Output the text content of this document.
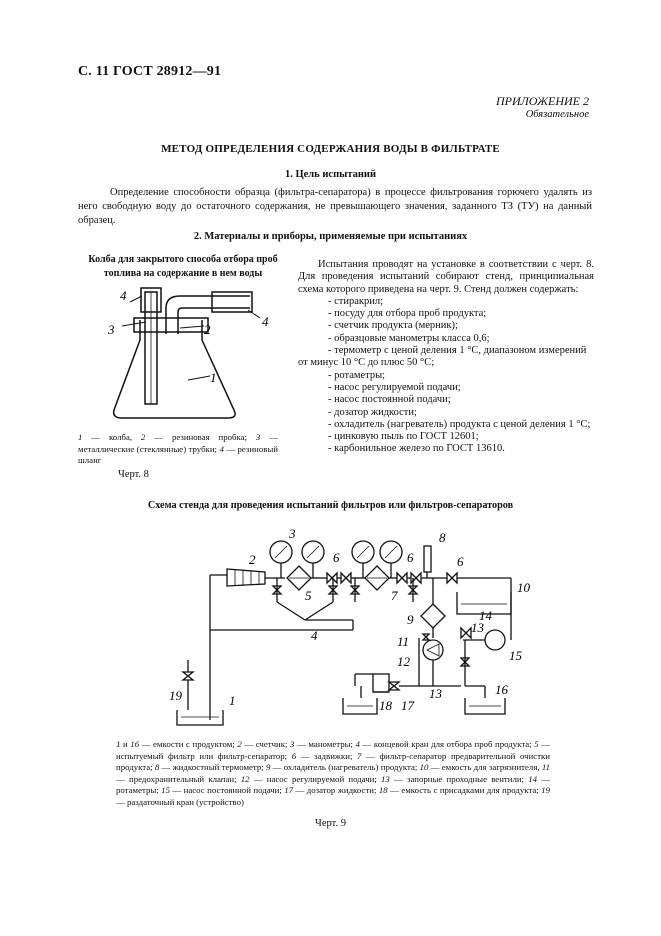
С. 11 ГОСТ 28912—91
ПРИЛОЖЕНИЕ 2
Обязательное
МЕТОД ОПРЕДЕЛЕНИЯ СОДЕРЖАНИЯ ВОДЫ В ФИЛЬТРАТЕ
1. Цель испытаний
Определение способности образца (фильтра-сепаратора) в процессе фильтрования горючего удалять из него свободную воду до остаточного содержания, не превышающего значения, заданного ТЗ (ТУ) на данный образец.
2. Материалы и приборы, применяемые при испытаниях
Колба для закрытого способа отбора проб топлива на содержание в нем воды
4
3	2
1
4
1 — колба, 2 — резиновая пробка; 3 — металлические (стеклянные) трубки; 4 — резиновый шланг
Черт. 8

Испытания проводят на установке в соответствии с черт. 8. Для проведения испытаний собирают стенд, принципиальная схема которого приведена на черт. 9. Стенд должен содержать:

- стиракрил;
- посуду для отбора проб продукта;
- счетчик продукта (мерник);
- образцовые манометры класса 0,6;
- термометр с ценой деления 1 °С, диапазоном измерений от минус 10 °С до плюс 50 °С;
- ротаметры;
- насос регулируемой подачи;
- насос постоянной подачи;
- дозатор жидкости;
- охладитель (нагреватель) продукта с ценой деления 1 °С;
- цинковую пыль по ГОСТ 12601;
- карбонильное железо по ГОСТ 13610.
Схема стенда для проведения испытаний фильтров или фильтров-сепараторов
1
2
3
4
5
6	6	6
7
8
9
10
11
12
13
13
14
15
16
17
18
19
1 и 16 — емкости с продуктом; 2 — счетчик; 3 — манометры; 4 — концевой кран для отбора проб продукта; 5 — испытуемый фильтр или фильтр-сепаратор; 6 — задвижки; 7 — фильтр-сепаратор предварительной очистки продукта; 8 — жидкостный термометр; 9 — охладитель (нагреватель) продукта; 10 — емкость для загрязнителя, 11 — предохранительный клапан; 12 — насос регулируемой подачи; 13 — запорные проходные вентили; 14 — ротаметры; 15 — насос постоянной подачи; 17 — дозатор жидкости; 18 — емкость с присадками для продукта; 19 — раздаточный кран (устройство)
Черт. 9
